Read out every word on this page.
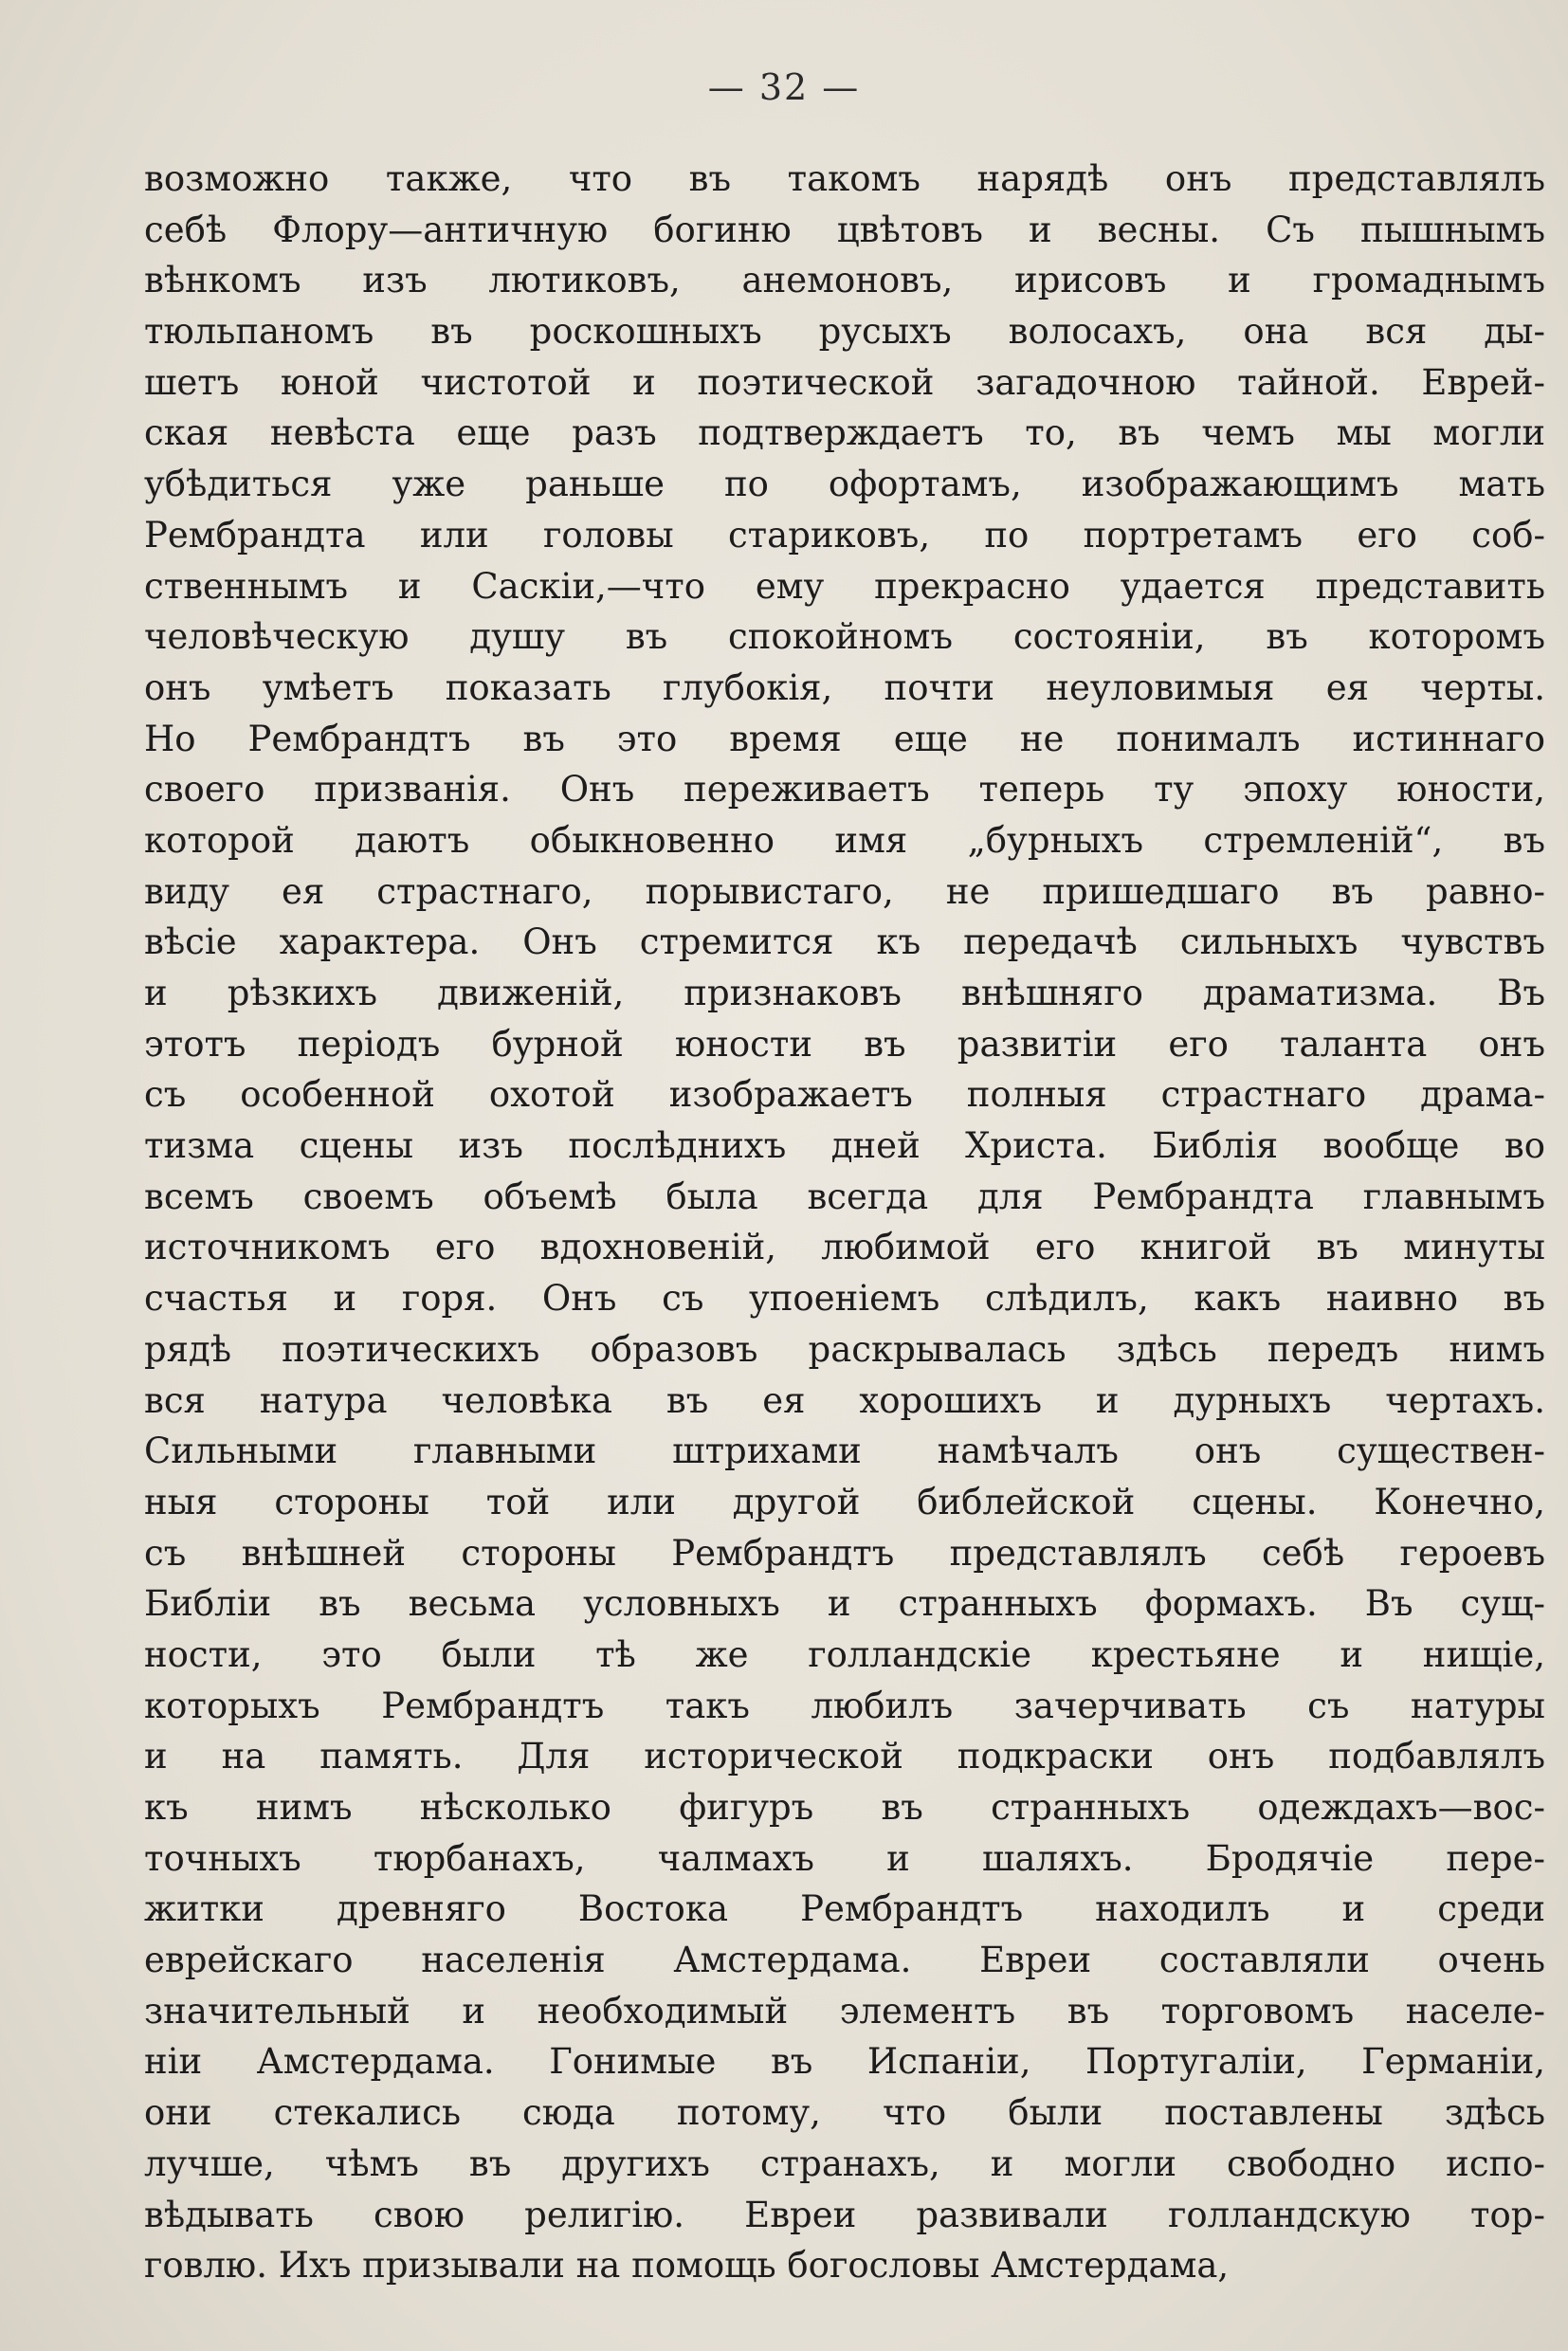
— 32 —
возможно также, что въ такомъ нарядѣ онъ представлялъ
себѣ Флору—античную богиню цвѣтовъ и весны. Съ пышнымъ
вѣнкомъ изъ лютиковъ, анемоновъ, ирисовъ и громаднымъ
тюльпаномъ въ роскошныхъ русыхъ волосахъ, она вся ды-
шетъ юной чистотой и поэтической загадочною тайной. Еврей-
ская невѣста еще разъ подтверждаетъ то, въ чемъ мы могли
убѣдиться уже раньше по офортамъ, изображающимъ мать
Рембрандта или головы стариковъ, по портретамъ его соб-
ственнымъ и Саскіи,—что ему прекрасно удается представить
человѣческую душу въ спокойномъ состояніи, въ которомъ
онъ умѣетъ показать глубокія, почти неуловимыя ея черты.
Но Рембрандтъ въ это время еще не понималъ истиннаго
своего призванія. Онъ переживаетъ теперь ту эпоху юности,
которой даютъ обыкновенно имя „бурныхъ стремленій“, въ
виду ея страстнаго, порывистаго, не пришедшаго въ равно-
вѣсіе характера. Онъ стремится къ передачѣ сильныхъ чувствъ
и рѣзкихъ движеній, признаковъ внѣшняго драматизма. Въ
этотъ періодъ бурной юности въ развитіи его таланта онъ
съ особенной охотой изображаетъ полныя страстнаго драма-
тизма сцены изъ послѣднихъ дней Христа. Библія вообще во
всемъ своемъ объемѣ была всегда для Рембрандта главнымъ
источникомъ его вдохновеній, любимой его книгой въ минуты
счастья и горя. Онъ съ упоеніемъ слѣдилъ, какъ наивно въ
рядѣ поэтическихъ образовъ раскрывалась здѣсь передъ нимъ
вся натура человѣка въ ея хорошихъ и дурныхъ чертахъ.
Сильными главными штрихами намѣчалъ онъ существен-
ныя стороны той или другой библейской сцены. Конечно,
съ внѣшней стороны Рембрандтъ представлялъ себѣ героевъ
Библіи въ весьма условныхъ и странныхъ формахъ. Въ сущ-
ности, это были тѣ же голландскіе крестьяне и нищіе,
которыхъ Рембрандтъ такъ любилъ зачерчивать съ натуры
и на память. Для исторической подкраски онъ подбавлялъ
къ нимъ нѣсколько фигуръ въ странныхъ одеждахъ—вос-
точныхъ тюрбанахъ, чалмахъ и шаляхъ. Бродячіе пере-
житки древняго Востока Рембрандтъ находилъ и среди
еврейскаго населенія Амстердама. Евреи составляли очень
значительный и необходимый элементъ въ торговомъ населе-
ніи Амстердама. Гонимые въ Испаніи, Португаліи, Германіи,
они стекались сюда потому, что были поставлены здѣсь
лучше, чѣмъ въ другихъ странахъ, и могли свободно испо-
вѣдывать свою религію. Евреи развивали голландскую тор-
говлю. Ихъ призывали на помощь богословы Амстердама,
